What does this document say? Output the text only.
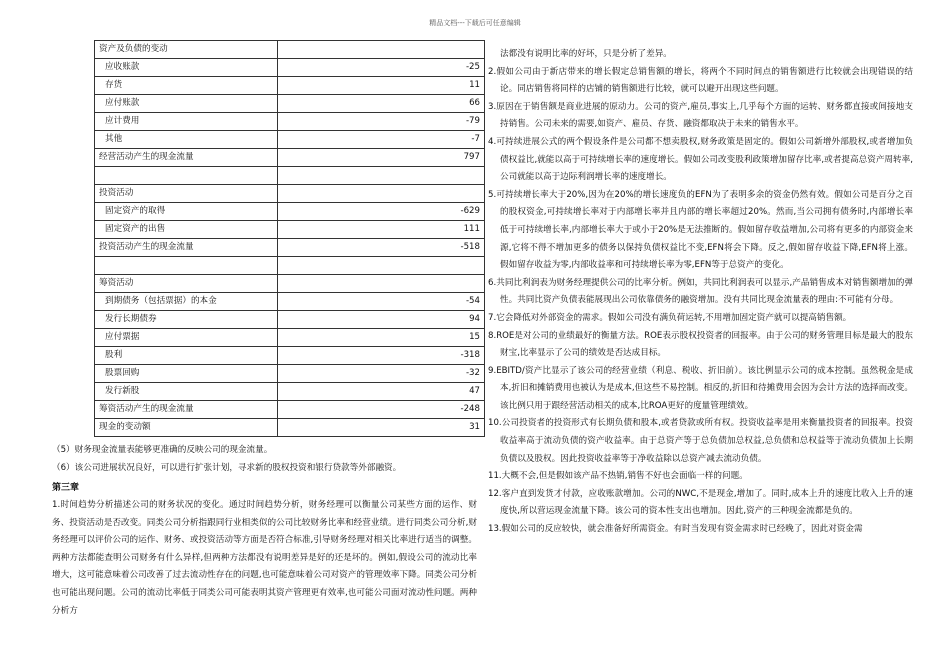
精品文档---下载后可任意编辑
资产及负债的变动	
应收账款	-25
存货	11
应付账款	66
应计费用	-79
其他	-7
经营活动产生的现金流量	797

投资活动	
固定资产的取得	-629
固定资产的出售	111
投资活动产生的现金流量	-518

筹资活动	
到期债务（包括票据）的本金	-54
发行长期债券	94
应付票据	15
股利	-318
股票回购	-32
发行新股	47
筹资活动产生的现金流量	-248
现金的变动额	31

（5）财务现金流量表能够更准确的反映公司的现金流量。

（6）该公司进展状况良好，可以进行扩张计划，寻求新的股权投资和银行贷款等外部融资。

第三章

1.时间趋势分析描述公司的财务状况的变化。通过时间趋势分析，财务经理可以衡量公司某些方面的运作、财务、投资活动是否改变。同类公司分析指跟同行业相类似的公司比较财务比率和经营业绩。进行同类公司分析,财务经理可以评价公司的运作、财务、或投资活动等方面是否符合标准,引导财务经理对相关比率进行适当的调整。两种方法都能查明公司财务有什么异样,但两种方法都没有说明差异是好的还是坏的。例如,假设公司的流动比率增大，这可能意味着公司改善了过去流动性存在的问题,也可能意味着公司对资产的管理效率下降。同类公司分析也可能出现问题。公司的流动比率低于同类公司可能表明其资产管理更有效率,也可能公司面对流动性问题。两种分析方

法都没有说明比率的好坏，只是分析了差异。

2.假如公司由于新店带来的增长假定总销售额的增长，将两个不同时间点的销售额进行比较就会出现错误的结论。同店销售将同样的店铺的销售额进行比较，就可以避开出现这些问题。

3.原因在于销售额是商业进展的原动力。公司的资产,雇员,事实上,几乎每个方面的运转、财务都直接或间接地支持销售。公司未来的需要,如资产、雇员、存货、融资都取决于未来的销售水平。

4.可持续进展公式的两个假设条件是公司都不想卖股权,财务政策是固定的。假如公司新增外部股权,或者增加负债权益比,就能以高于可持续增长率的速度增长。假如公司改变股利政策增加留存比率,或者提高总资产周转率,公司就能以高于边际利润增长率的速度增长。

5.可持续增长率大于20%,因为在20%的增长速度负的EFN为了表明多余的资金仍然有效。假如公司是百分之百的股权资金,可持续增长率对于内部增长率并且内部的增长率超过20%。然而,当公司拥有债务时,内部增长率低于可持续增长率,内部增长率大于或小于20%是无法推断的。假如留存收益增加,公司将有更多的内部资金来源,它将不得不增加更多的债务以保持负债权益比不变,EFN将会下降。反之,假如留存收益下降,EFN将上涨。假如留存收益为零,内部收益率和可持续增长率为零,EFN等于总资产的变化。

6.共同比利润表为财务经理提供公司的比率分析。例如，共同比利润表可以显示,产品销售成本对销售额增加的弹性。共同比资产负债表能展现出公司依靠债务的融资增加。没有共同比现金流量表的理由:不可能有分母。

7.它会降低对外部资金的需求。假如公司没有满负荷运转,不用增加固定资产就可以提高销售额。

8.ROE是对公司的业绩最好的衡量方法。ROE表示股权投资者的回报率。由于公司的财务管理目标是最大的股东财宝,比率显示了公司的绩效是否达成目标。

9.EBITD/资产比显示了该公司的经营业绩（利息、税收、折旧前）。该比例显示公司的成本控制。虽然税金是成本,折旧和摊销费用也被认为是成本,但这些不易控制。相反的,折旧和待摊费用会因为会计方法的选择而改变。该比例只用于跟经营活动相关的成本,比ROA更好的度量管理绩效。

10.公司投资者的投资形式有长期负债和股本,或者贷款或所有权。投资收益率是用来衡量投资者的回报率。投资收益率高于流动负债的资产收益率。由于总资产等于总负债加总权益,总负债和总权益等于流动负债加上长期负债以及股权。因此投资收益率等于净收益除以总资产减去流动负债。

11.大概不会,但是假如该产品不热销,销售不好也会面临一样的问题。

12.客户直到发货才付款，应收账款增加。公司的NWC,不是现金,增加了。同时,成本上升的速度比收入上升的速度快,所以营运现金流量下降。该公司的资本性支出也增加。因此,资产的三种现金流都是负的。

13.假如公司的反应较快，就会准备好所需资金。有时当发现有资金需求时已经晚了，因此对资金需
